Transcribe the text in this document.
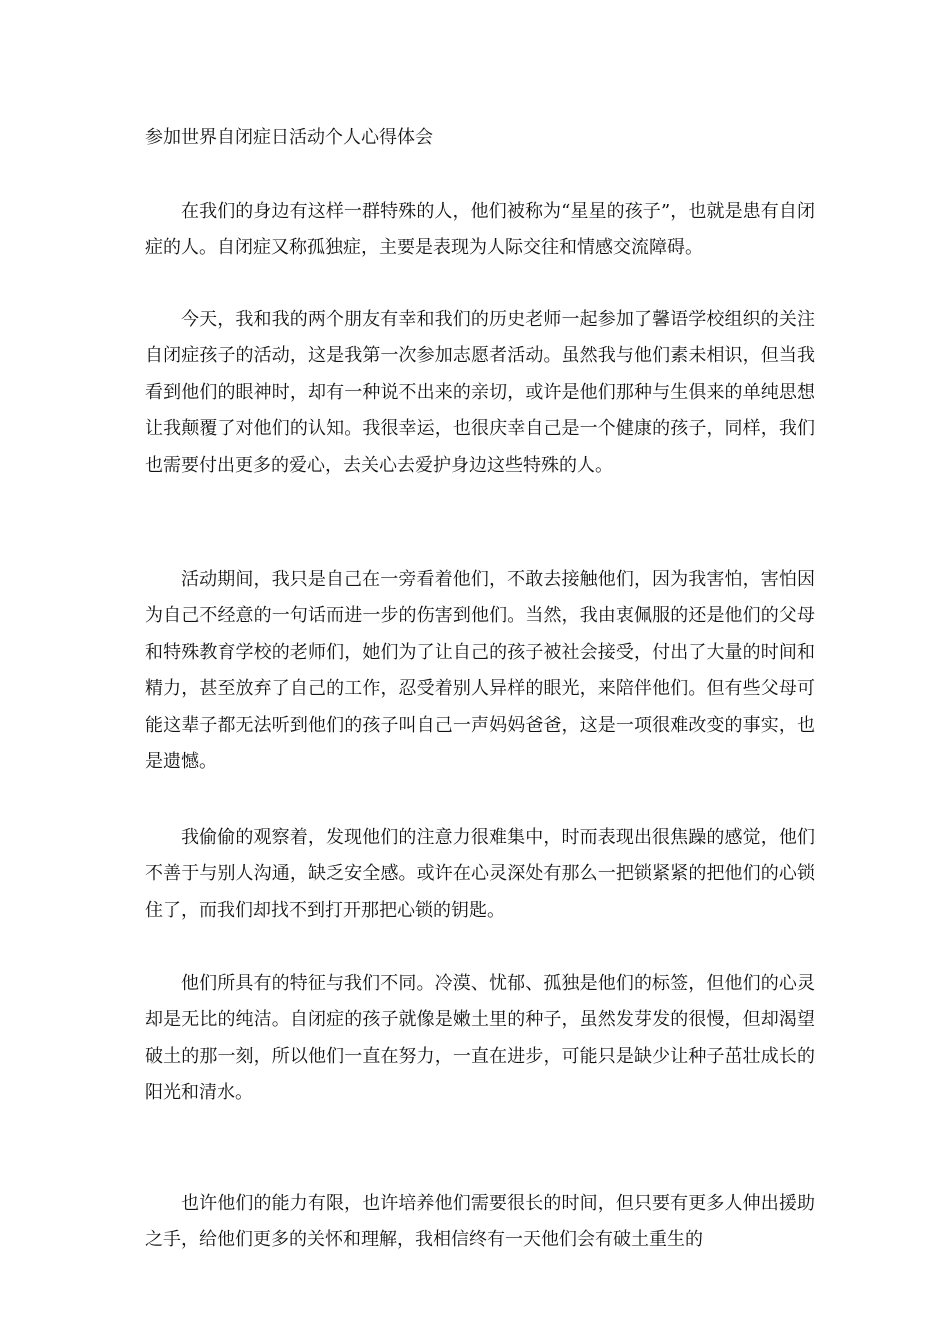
参加世界自闭症日活动个人心得体会

在我们的身边有这样一群特殊的人，他们被称为“星星的孩子”，也就是患有自闭症的人。自闭症又称孤独症，主要是表现为人际交往和情感交流障碍。

今天，我和我的两个朋友有幸和我们的历史老师一起参加了馨语学校组织的关注自闭症孩子的活动，这是我第一次参加志愿者活动。虽然我与他们素未相识，但当我看到他们的眼神时，却有一种说不出来的亲切，或许是他们那种与生俱来的单纯思想让我颠覆了对他们的认知。我很幸运，也很庆幸自己是一个健康的孩子，同样，我们也需要付出更多的爱心，去关心去爱护身边这些特殊的人。

活动期间，我只是自己在一旁看着他们，不敢去接触他们，因为我害怕，害怕因为自己不经意的一句话而进一步的伤害到他们。当然，我由衷佩服的还是他们的父母和特殊教育学校的老师们，她们为了让自己的孩子被社会接受，付出了大量的时间和精力，甚至放弃了自己的工作，忍受着别人异样的眼光，来陪伴他们。但有些父母可能这辈子都无法听到他们的孩子叫自己一声妈妈爸爸，这是一项很难改变的事实，也是遗憾。

我偷偷的观察着，发现他们的注意力很难集中，时而表现出很焦躁的感觉，他们不善于与别人沟通，缺乏安全感。或许在心灵深处有那么一把锁紧紧的把他们的心锁住了，而我们却找不到打开那把心锁的钥匙。

他们所具有的特征与我们不同。冷漠、忧郁、孤独是他们的标签，但他们的心灵却是无比的纯洁。自闭症的孩子就像是嫩土里的种子，虽然发芽发的很慢，但却渴望破土的那一刻，所以他们一直在努力，一直在进步，可能只是缺少让种子茁壮成长的阳光和清水。

也许他们的能力有限，也许培养他们需要很长的时间，但只要有更多人伸出援助之手，给他们更多的关怀和理解，我相信终有一天他们会有破土重生的
